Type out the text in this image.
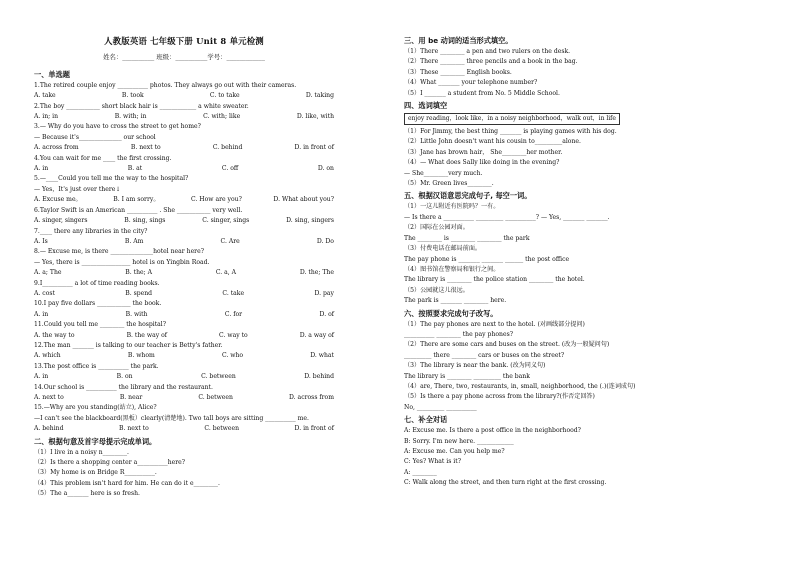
人教版英语 七年级下册 Unit 8 单元检测
姓名：__________ 班级：__________学号：____________
一、单选题
1.The retired couple enjoy __________ photos. They always go out with their cameras.
A. take	B. took	C. to take	D. taking
2.The boy ___________ short black hair is ____________ a white sweater.
A. in; in	B. with; in	C. with; like	D. like, with
3.— Why do you have to cross the street to get home?
— Because it's______________ our school
A. across from	B. next to	C. behind	D. in front of
4.You can wait for me ____ the first crossing.
A. in	B. at	C. off	D. on
5.—____Could you tell me the way to the hospital?
— Yes，It's just over there↓
A. Excuse me。	B. I am sorry。	C. How are you?	D. What about you?
6.Taylor Swift is an American __________ . She ___________ very well.
A. singer, singers	B. sing, sings	C. singer, sings	D. sing, singers
7.____ there any libraries in the city?
A. Is	B. Am	C. Are	D. Do
8.— Excuse me, is there ______________hotel near here?
— Yes, there is ________________ hotel is on Yingbin Road.
A. a; The	B. the; A	C. a, A	D. the; The
9.I__________ a lot of time reading books.
A. cost	B. spend	C. take	D. pay
10.I pay five dollars ___________ the book.
A. in	B. with	C. for	D. of
11.Could you tell me ________ the hospital?
A. the way to	B. the way of	C. way to	D. a way of
12.The man _______ is talking to our teacher is Betty's father.
A. which	B. whom	C. who	D. what
13.The post office is __________ the park.
A. in	B. on	C. between	D. behind
14.Our school is __________ the library and the restaurant.
A. next to	B. near	C. between	D. across from
15.—Why are you standing(站立), Alice?
—I can't see the blackboard(黑板）clearly(清楚地). Two tall boys are sitting __________ me.
A. behind	B. next to	C. between	D. in front of
二、根据句意及首字母提示完成单词。
（1）I live in a noisy n________.
（2）Is there a shopping center a__________here?
（3）My home is on Bridge R__________.
（4）This problem isn't hard for him. He can do it e________.
（5）The a_______ here is so fresh.
三、用 be 动词的适当形式填空。
（1）There ________ a pen and two rulers on the desk.
（2）There ________ three pencils and a book in the bag.
（3）These ________ English books.
（4）What _______ your telephone number?
（5）I _______ a student from No. 5 Middle School.
四、选词填空
enjoy reading，look like，in a noisy neighborhood，walk out，in life
（1）For Jimmy, the best thing _______ is playing games with his dog.
（2）Little John doesn't want his cousin to_________alone.
（3）Jane has brown hair， She________her mother.
（4）— What does Sally like doing in the evening?
— She________very much.
（5）Mr. Green lives________.
五、根据汉语意思完成句子, 每空一词。
（1）一这儿附近有医院吗？一有。
— Is there a __________ _________ __________? — Yes, _______ _______.
（2）国际在公园对面。
The ________ is ________ ________ the park
（3）付费电话在邮局前面。
The pay phone is _______ _______ ______ the post office
（4）图书馆在警察局和银行之间。
The library is ________ the police station ________ the hotel.
（5）公园就这儿很远。
The park is _______ ________ here.
六、按照要求完成句子改写。
（1）The pay phones are next to the hotel. (对画线部分提问)
__________ ________ the pay phones?
（2）There are some cars and buses on the street. (改为一般疑问句)
_________ there ________ cars or buses on the street?
（3）The library is near the bank. (改为同义句)
The library is ________ _________ the bank
（4）are, There, two, restaurants, in, small, neighborhood, the (.)(连词成句)
（5）Is there a pay phone across from the library?(作否定回答)
No, _________ __________
七、补全对话
A: Excuse me. Is there a post office in the neighborhood?
B: Sorry. I'm new here. ____________
A: Excuse me. Can you help me?
C: Yes? What is it?
A: ________
C: Walk along the street, and then turn right at the first crossing.
